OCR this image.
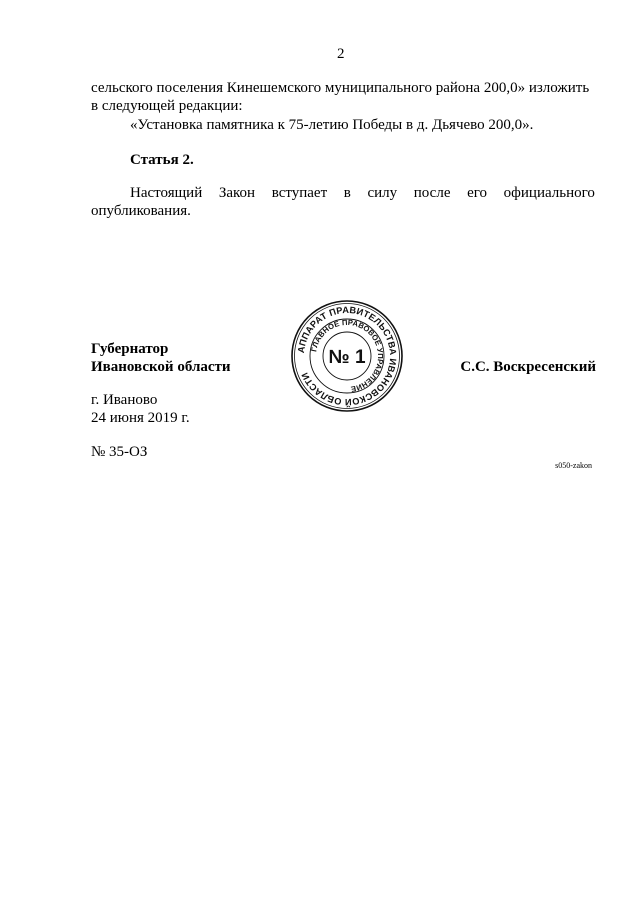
2
сельского поселения Кинешемского муниципального района 200,0» изложить
в следующей редакции:
«Установка памятника к 75-летию Победы в д. Дьячево 200,0».
Статья 2.
Настоящий Закон вступает в силу после его официального
опубликования.
Губернатор
Ивановской области	С.С. Воскресенский
АППАРАТ ПРАВИТЕЛЬСТВА ИВАНОВСКОЙ ОБЛАСТИ
ГЛАВНОЕ ПРАВОВОЕ УПРАВЛЕНИЕ
№ 1
г. Иваново
24 июня 2019 г.
№ 35-ОЗ
s050-zakon
